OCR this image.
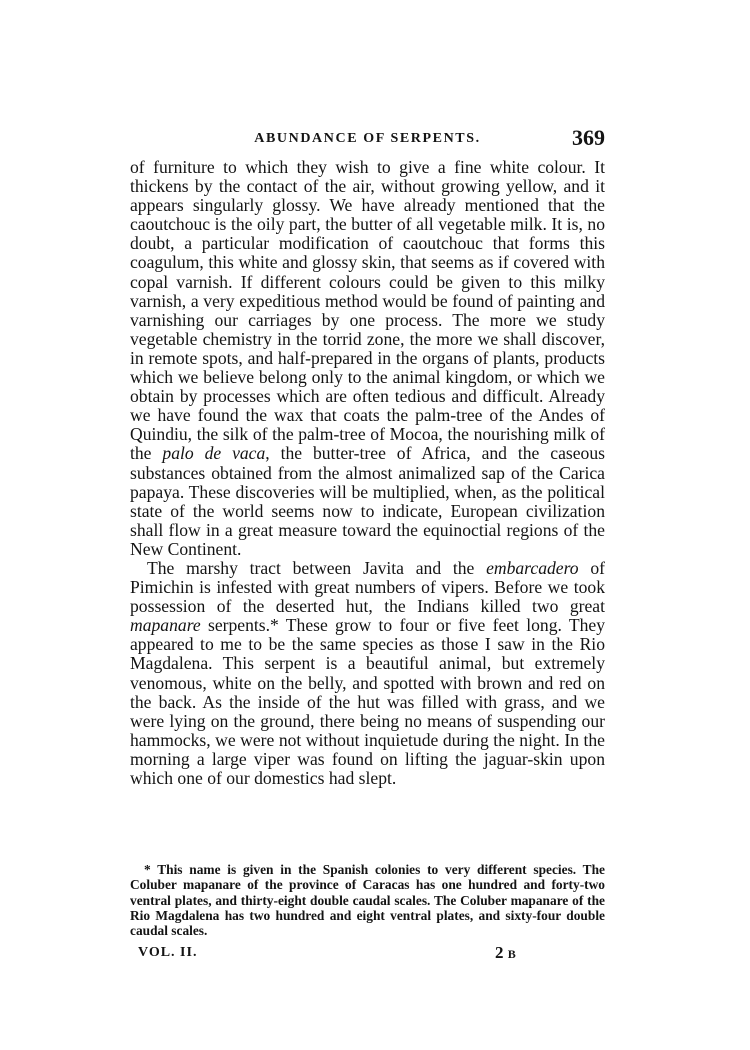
ABUNDANCE OF SERPENTS.	369

of furniture to which they wish to give a fine white colour. It thickens by the contact of the air, without growing yellow, and it appears singularly glossy. We have already mentioned that the caoutchouc is the oily part, the butter of all vegetable milk. It is, no doubt, a particular modification of caoutchouc that forms this coagulum, this white and glossy skin, that seems as if covered with copal varnish. If different colours could be given to this milky varnish, a very expeditious method would be found of painting and varnishing our carriages by one process. The more we study vegetable chemistry in the torrid zone, the more we shall discover, in remote spots, and half-prepared in the organs of plants, products which we believe belong only to the animal kingdom, or which we obtain by processes which are often tedious and difficult. Already we have found the wax that coats the palm-tree of the Andes of Quindiu, the silk of the palm-tree of Mocoa, the nourishing milk of the palo de vaca, the butter-tree of Africa, and the caseous substances obtained from the almost animalized sap of the Carica papaya. These discoveries will be multiplied, when, as the political state of the world seems now to indicate, European civilization shall flow in a great measure toward the equinoctial regions of the New Continent.

The marshy tract between Javita and the embarcadero of Pimichin is infested with great numbers of vipers. Before we took possession of the deserted hut, the Indians killed two great mapanare serpents.* These grow to four or five feet long. They appeared to me to be the same species as those I saw in the Rio Magdalena. This serpent is a beautiful animal, but extremely venomous, white on the belly, and spotted with brown and red on the back. As the inside of the hut was filled with grass, and we were lying on the ground, there being no means of suspending our hammocks, we were not without inquietude during the night. In the morning a large viper was found on lifting the jaguar-skin upon which one of our domestics had slept.

* This name is given in the Spanish colonies to very different species. The Coluber mapanare of the province of Caracas has one hundred and forty-two ventral plates, and thirty-eight double caudal scales. The Coluber mapanare of the Rio Magdalena has two hundred and eight ventral plates, and sixty-four double caudal scales.
VOL. II.	2 B
